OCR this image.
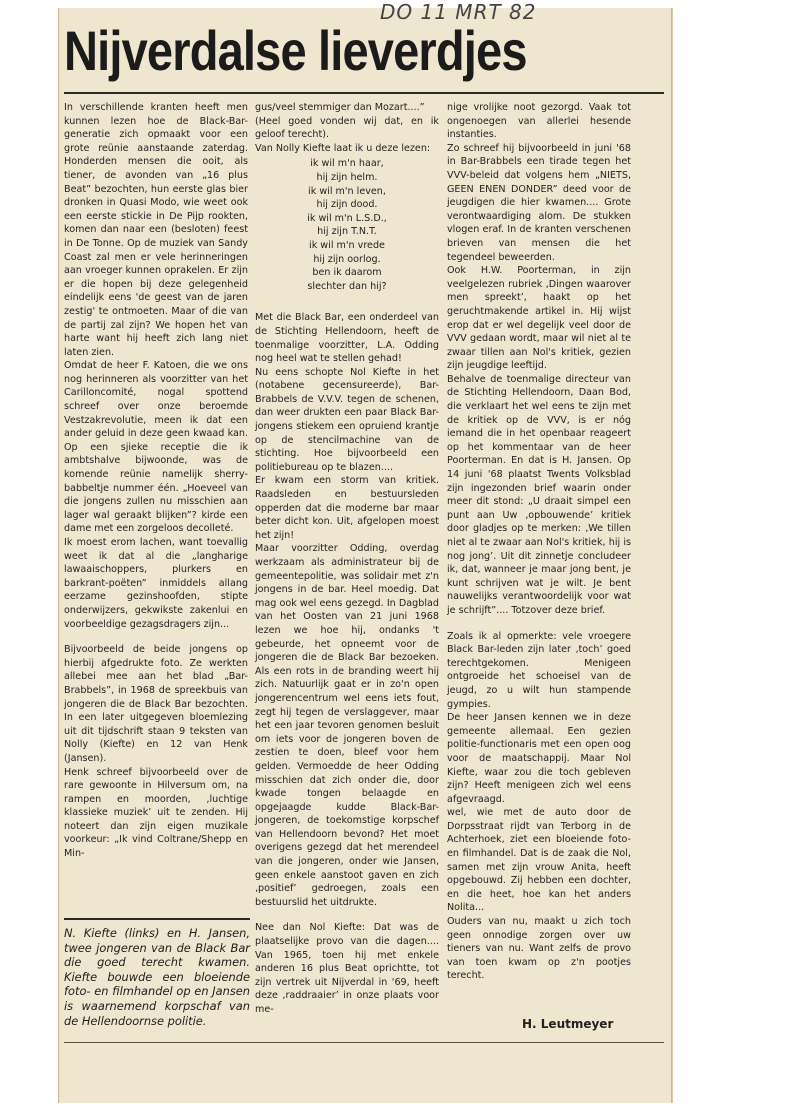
DO 11 MRT 82
Nijverdalse lieverdjes

In verschillende kranten heeft men kunnen lezen hoe de Black-Bar-generatie zich opmaakt voor een grote reünie aanstaande zaterdag. Honderden mensen die ooit, als tiener, de avonden van „16 plus Beat” bezochten, hun eerste glas bier dronken in Quasi Modo, wie weet ook een eerste stickie in De Pijp rookten, komen dan naar een (besloten) feest in De Tonne. Op de muziek van Sandy Coast zal men er vele herinneringen aan vroeger kunnen oprakelen. Er zijn er die hopen bij deze gelegenheid eindelijk eens 'de geest van de jaren zestig' te ontmoeten. Maar of die van de partij zal zijn? We hopen het van harte want hij heeft zich lang niet laten zien.

Omdat de heer F. Katoen, die we ons nog herinneren als voorzitter van het Carilloncomité, nogal spottend schreef over onze beroemde Vestzakrevolutie, meen ik dat een ander geluid in deze geen kwaad kan. Op een sjieke receptie die ik ambtshalve bijwoonde, was de komende reünie namelijk sherry-babbeltje nummer één. „Hoeveel van die jongens zullen nu misschien aan lager wal geraakt blijken”? kirde een dame met een zorgeloos decolleté.

Ik moest erom lachen, want toevallig weet ik dat al die „langharige lawaaischoppers, plurkers en barkrant-poëten” inmiddels allang eerzame gezinshoofden, stipte onderwijzers, gekwikste zakenlui en voorbeeldige gezagsdragers zijn...

Bijvoorbeeld de beide jongens op hierbij afgedrukte foto. Ze werkten allebei mee aan het blad „Bar-Brabbels”, in 1968 de spreekbuis van jongeren die de Black Bar bezochten. In een later uitgegeven bloemlezing uit dit tijdschrift staan 9 teksten van Nolly (Kiefte) en 12 van Henk (Jansen).

Henk schreef bijvoorbeeld over de rare gewoonte in Hilversum om, na rampen en moorden, ‚luchtige klassieke muziek’ uit te zenden. Hij noteert dan zijn eigen muzikale voorkeur: „Ik vind Coltrane/Shepp en Min-

gus/veel stemmiger dan Mozart....”

(Heel goed vonden wij dat, en ik geloof terecht).

Van Nolly Kiefte laat ik u deze lezen:

ik wil m'n haar,
hij zijn helm.
ik wil m'n leven,
hij zijn dood.
ik wil m'n L.S.D.,
hij zijn T.N.T.
ik wil m'n vrede
hij zijn oorlog.
ben ik daarom
slechter dan hij?

Met die Black Bar, een onderdeel van de Stichting Hellendoorn, heeft de toenmalige voorzitter, L.A. Odding nog heel wat te stellen gehad!

Nu eens schopte Nol Kiefte in het (notabene gecensureerde), Bar-Brabbels de V.V.V. tegen de schenen, dan weer drukten een paar Black Bar-jongens stiekem een opruiend krantje op de stencilmachine van de stichting. Hoe bijvoorbeeld een politiebureau op te blazen....

Er kwam een storm van kritiek. Raadsleden en bestuursleden opperden dat die moderne bar maar beter dicht kon. Uit, afgelopen moest het zijn!

Maar voorzitter Odding, overdag werkzaam als administrateur bij de gemeentepolitie, was solidair met z'n jongens in de bar. Heel moedig. Dat mag ook wel eens gezegd. In Dagblad van het Oosten van 21 juni 1968 lezen we hoe hij, ondanks 't gebeurde, het opneemt voor de jongeren die de Black Bar bezoeken. Als een rots in de branding weert hij zich. Natuurlijk gaat er in zo'n open jongerencentrum wel eens iets fout, zegt hij tegen de verslaggever, maar het een jaar tevoren genomen besluit om iets voor de jongeren boven de zestien te doen, bleef voor hem gelden. Vermoedde de heer Odding misschien dat zich onder die, door kwade tongen belaagde en opgejaagde kudde Black-Bar-jongeren, de toekomstige korpschef van Hellendoorn bevond? Het moet overigens gezegd dat het merendeel van die jongeren, onder wie Jansen, geen enkele aanstoot gaven en zich ‚positief’ gedroegen, zoals een bestuurslid het uitdrukte.

Nee dan Nol Kiefte: Dat was de plaatselijke provo van die dagen.... Van 1965, toen hij met enkele anderen 16 plus Beat oprichtte, tot zijn vertrek uit Nijverdal in '69, heeft deze ‚raddraaier’ in onze plaats voor me-

nige vrolijke noot gezorgd. Vaak tot ongenoegen van allerlei hesende instanties.

Zo schreef hij bijvoorbeeld in juni '68 in Bar-Brabbels een tirade tegen het VVV-beleid dat volgens hem „NIETS, GEEN ENEN DONDER” deed voor de jeugdigen die hier kwamen.... Grote verontwaardiging alom. De stukken vlogen eraf. In de kranten verschenen brieven van mensen die het tegendeel beweerden.

Ook H.W. Poorterman, in zijn veelgelezen rubriek ‚Dingen waarover men spreekt’, haakt op het geruchtmakende artikel in. Hij wijst erop dat er wel degelijk veel door de VVV gedaan wordt, maar wil niet al te zwaar tillen aan Nol's kritiek, gezien zijn jeugdige leeftijd.

Behalve de toenmalige directeur van de Stichting Hellendoorn, Daan Bod, die verklaart het wel eens te zijn met de kritiek op de VVV, is er nóg iemand die in het openbaar reageert op het kommentaar van de heer Poorterman. En dat is H. Jansen. Op 14 juni '68 plaatst Twents Volksblad zijn ingezonden brief waarin onder meer dit stond: „U draait simpel een punt aan Uw ‚opbouwende’ kritiek door gladjes op te merken: ‚We tillen niet al te zwaar aan Nol's kritiek, hij is nog jong’. Uit dit zinnetje concludeer ik, dat, wanneer je maar jong bent, je kunt schrijven wat je wilt. Je bent nauwelijks verantwoordelijk voor wat je schrijft”.... Totzover deze brief.

Zoals ik al opmerkte: vele vroegere Black Bar-leden zijn later ‚toch’ goed terechtgekomen. Menigeen ontgroeide het schoeisel van de jeugd, zo u wilt hun stampende gympies.

De heer Jansen kennen we in deze gemeente allemaal. Een gezien politie-functionaris met een open oog voor de maatschappij. Maar Nol Kiefte, waar zou die toch gebleven zijn? Heeft menigeen zich wel eens afgevraagd.

wel, wie met de auto door de Dorpsstraat rijdt van Terborg in de Achterhoek, ziet een bloeiende foto- en filmhandel. Dat is de zaak die Nol, samen met zijn vrouw Anita, heeft opgebouwd. Zij hebben een dochter, en die heet, hoe kan het anders Nolita...

Ouders van nu, maakt u zich toch geen onnodige zorgen over uw tieners van nu. Want zelfs de provo van toen kwam op z'n pootjes terecht.

N. Kiefte (links) en H. Jansen, twee jongeren van de Black Bar die goed terecht kwamen. Kiefte bouwde een bloeiende foto- en filmhandel op en Jansen is waarnemend korpschaf van de Hellendoornse politie.	H. Leutmeyer
